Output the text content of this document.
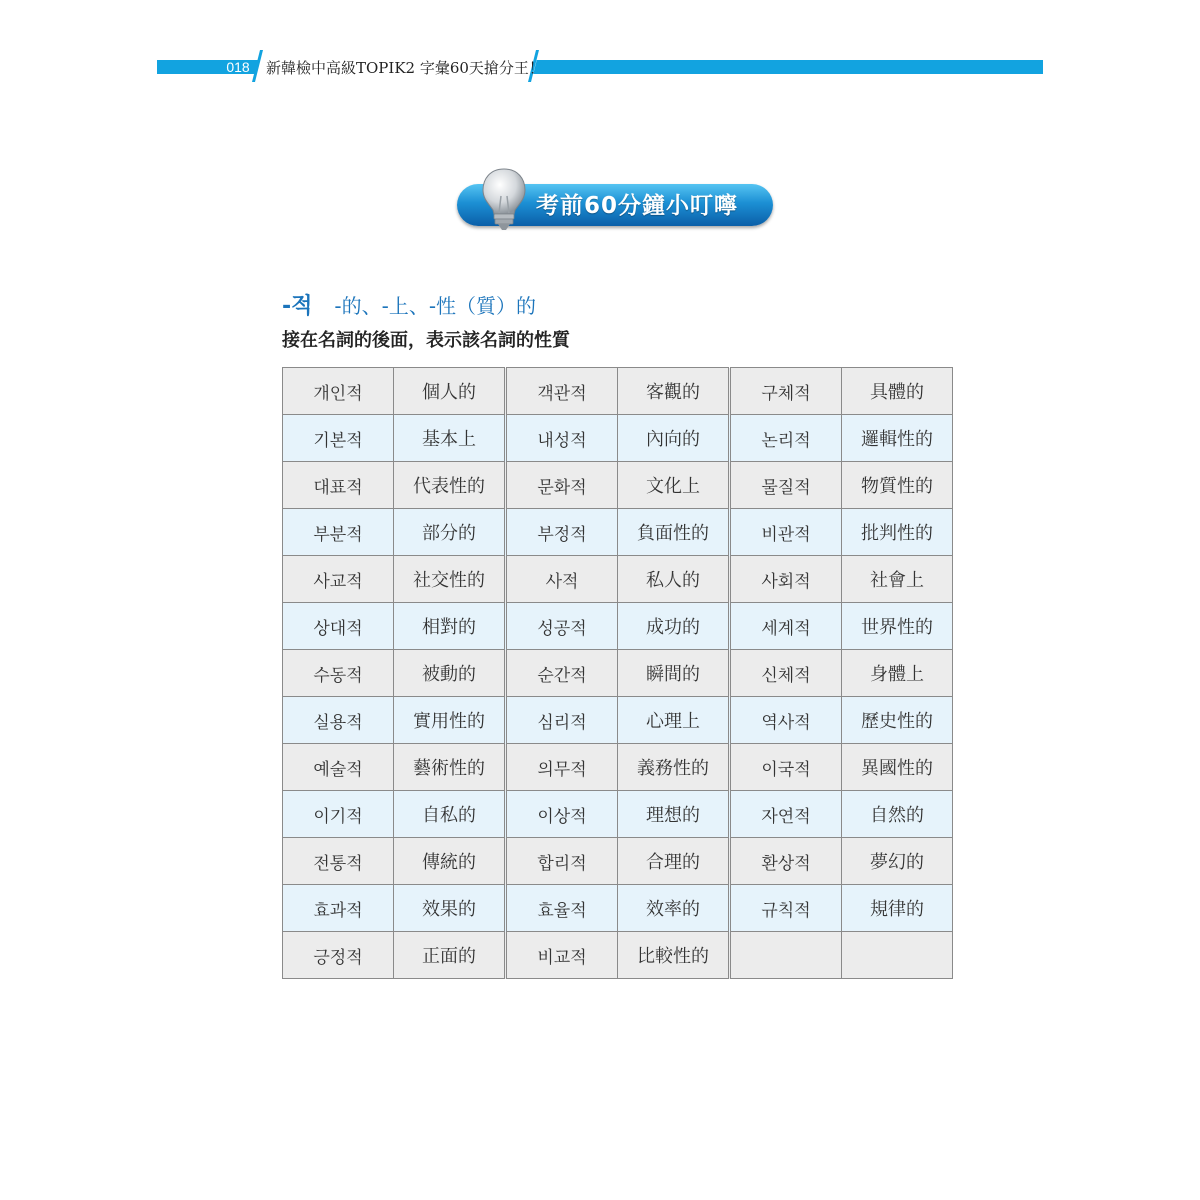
018	新韓檢中高級TOPIK2 字彙60天搶分王！
考前60分鐘小叮嚀
-적 -的、-上、-性（質）的
接在名詞的後面，表示該名詞的性質
개인적	個人的	객관적	客觀的	구체적	具體的
기본적	基本上	내성적	內向的	논리적	邏輯性的
대표적	代表性的	문화적	文化上	물질적	物質性的
부분적	部分的	부정적	負面性的	비관적	批判性的
사교적	社交性的	사적	私人的	사회적	社會上
상대적	相對的	성공적	成功的	세계적	世界性的
수동적	被動的	순간적	瞬間的	신체적	身體上
실용적	實用性的	심리적	心理上	역사적	歷史性的
예술적	藝術性的	의무적	義務性的	이국적	異國性的
이기적	自私的	이상적	理想的	자연적	自然的
전통적	傳統的	합리적	合理的	환상적	夢幻的
효과적	效果的	효율적	效率的	규칙적	規律的
긍정적	正面的	비교적	比較性的		
